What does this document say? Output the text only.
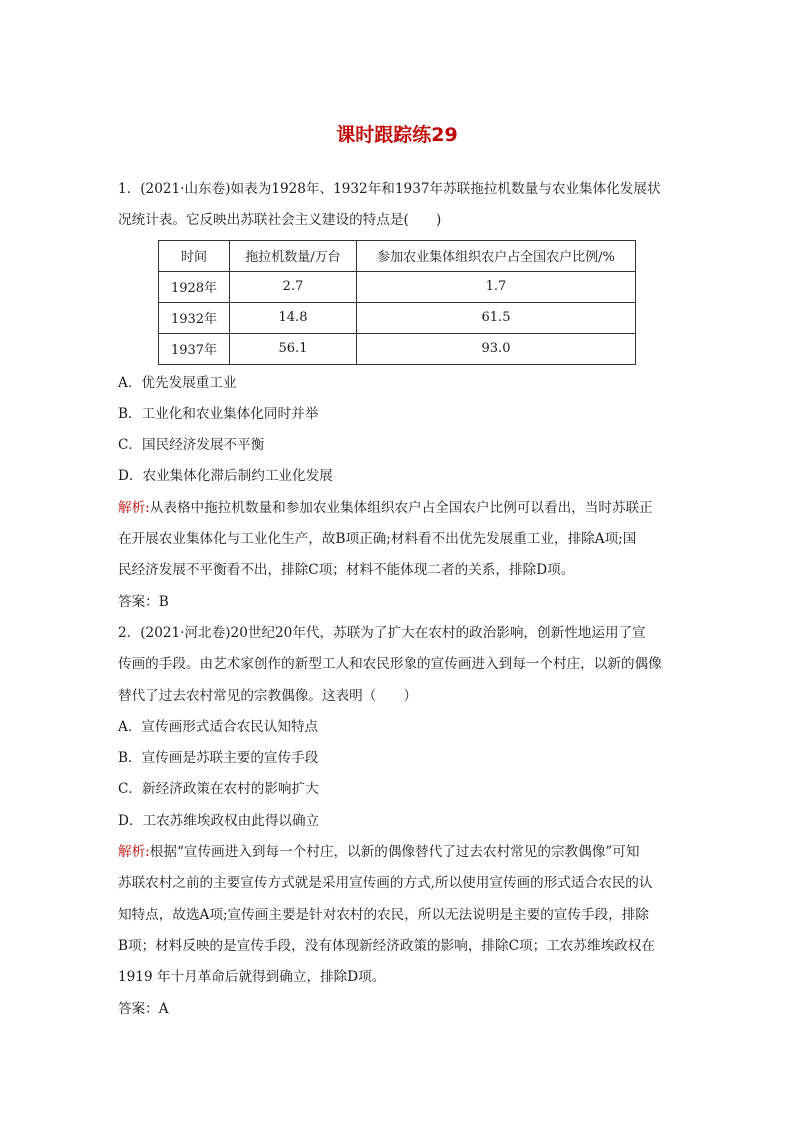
课时跟踪练29

1．(2021·山东卷)如表为1928年、1932年和1937年苏联拖拉机数量与农业集体化发展状

况统计表。它反映出苏联社会主义建设的特点是(　　)

时间	拖拉机数量/万台	参加农业集体组织农户占全国农户比例/%
1928年	2.7	1.7
1932年	14.8	61.5
1937年	56.1	93.0

A．优先发展重工业

B．工业化和农业集体化同时并举

C．国民经济发展不平衡

D．农业集体化滞后制约工业化发展

解析:从表格中拖拉机数量和参加农业集体组织农户占全国农户比例可以看出，当时苏联正

在开展农业集体化与工业化生产，故B项正确;材料看不出优先发展重工业，排除A项;国

民经济发展不平衡看不出，排除C项；材料不能体现二者的关系，排除D项。

答案：B

2．(2021·河北卷)20世纪20年代，苏联为了扩大在农村的政治影响，创新性地运用了宣

传画的手段。由艺术家创作的新型工人和农民形象的宣传画进入到每一个村庄，以新的偶像

替代了过去农村常见的宗教偶像。这表明（　　）

A．宣传画形式适合农民认知特点

B．宣传画是苏联主要的宣传手段

C．新经济政策在农村的影响扩大

D．工农苏维埃政权由此得以确立

解析:根据“宣传画进入到每一个村庄，以新的偶像替代了过去农村常见的宗教偶像”可知

苏联农村之前的主要宣传方式就是采用宣传画的方式,所以使用宣传画的形式适合农民的认

知特点，故选A项;宣传画主要是针对农村的农民，所以无法说明是主要的宣传手段，排除

B项；材料反映的是宣传手段，没有体现新经济政策的影响，排除C项；工农苏维埃政权在

1919 年十月革命后就得到确立，排除D项。

答案：A
